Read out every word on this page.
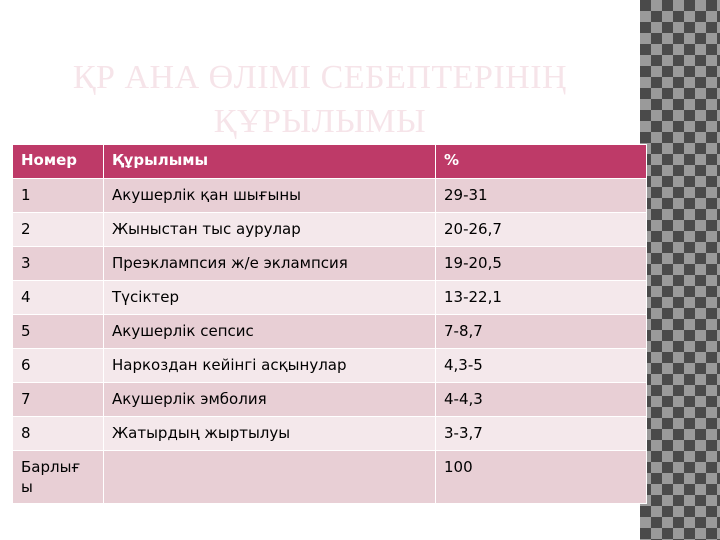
ҚР АНА ӨЛІМІ СЕБЕПТЕРІНІҢ
ҚҰРЫЛЫМЫ
Номер	Құрылымы	%
1	Акушерлік қан шығыны	29-31
2	Жыныстан тыс аурулар	20-26,7
3	Преэклампсия ж/е эклампсия	19-20,5
4	Түсіктер	13-22,1
5	Акушерлік сепсис	7-8,7
6	Наркоздан кейінгі асқынулар	4,3-5
7	Акушерлік эмболия	4-4,3
8	Жатырдың жыртылуы	3-3,7
Барлығ ы		100
